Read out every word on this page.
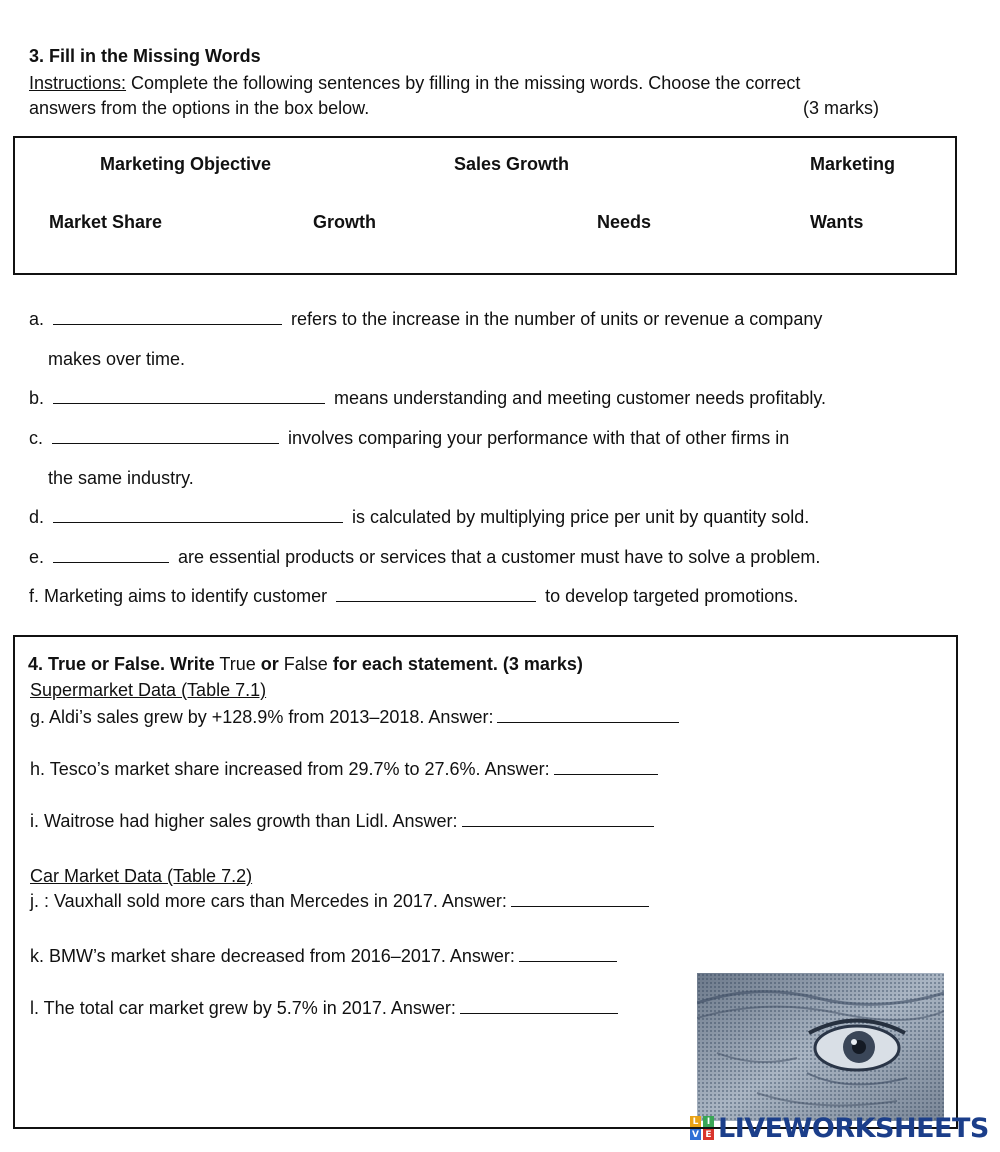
3. Fill in the Missing Words
Instructions: Complete the following sentences by filling in the missing words. Choose the correct
answers from the options in the box below.	(3 marks)
Marketing Objective	Sales Growth	Marketing
Market Share	Growth	Needs	Wants
a.	refers to the increase in the number of units or revenue a company
makes over time.
b.	means understanding and meeting customer needs profitably.
c.	involves comparing your performance with that of other firms in
the same industry.
d.	is calculated by multiplying price per unit by quantity sold.
e.	are essential products or services that a customer must have to solve a problem.
f. Marketing aims to identify customer	to develop targeted promotions.
4. True or False. Write True or False for each statement. (3 marks)
Supermarket Data (Table 7.1)
g. Aldi’s sales grew by +128.9% from 2013–2018. Answer:
h. Tesco’s market share increased from 29.7% to 27.6%. Answer:
i. Waitrose had higher sales growth than Lidl. Answer:
Car Market Data (Table 7.2)
j. : Vauxhall sold more cars than Mercedes in 2017. Answer:
k. BMW’s market share decreased from 2016–2017. Answer:
l. The total car market grew by 5.7% in 2017. Answer:
L I
V E LIVEWORKSHEETS
